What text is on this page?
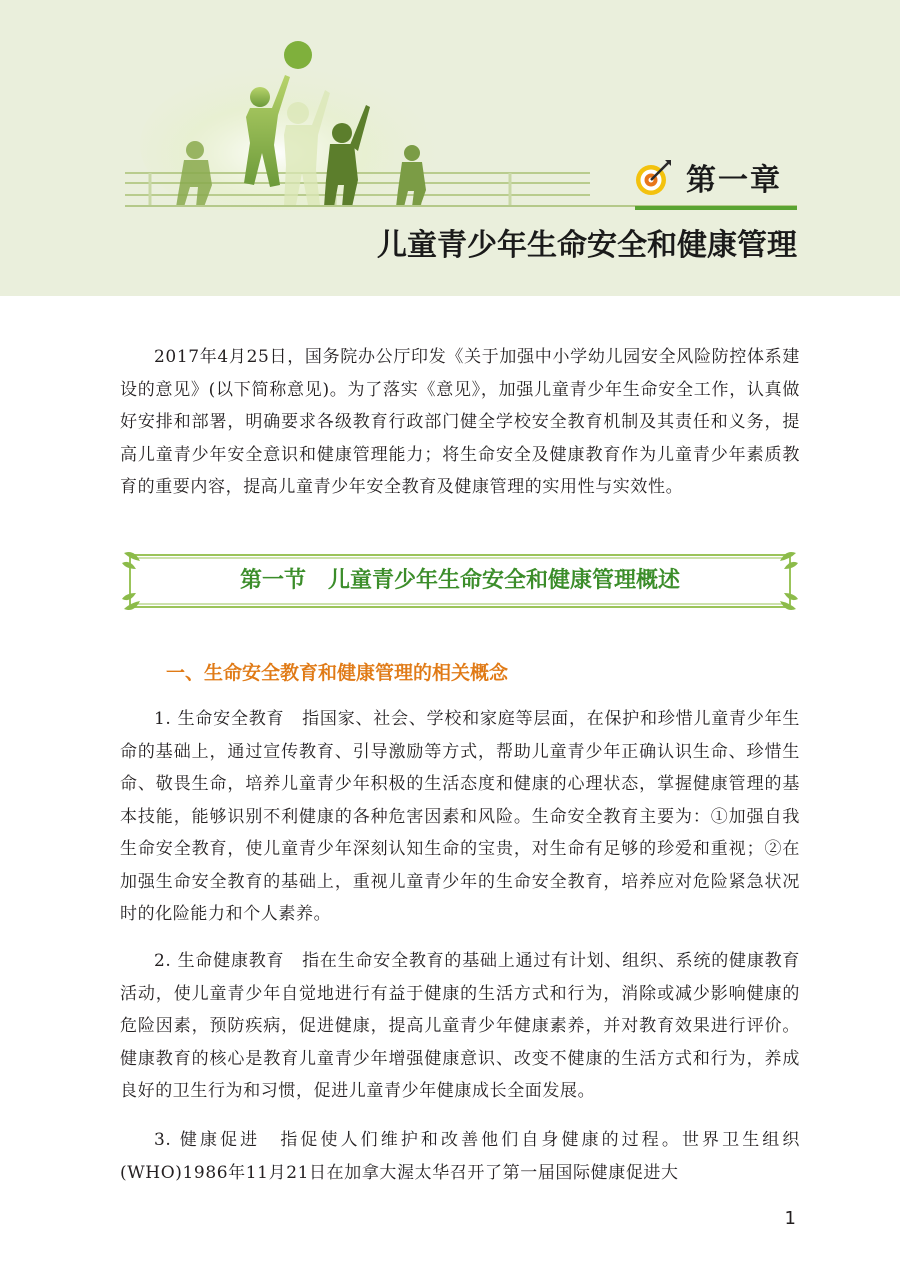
第一章
儿童青少年生命安全和健康管理

2017年4月25日，国务院办公厅印发《关于加强中小学幼儿园安全风险防控体系建设的意见》(以下简称意见)。为了落实《意见》，加强儿童青少年生命安全工作，认真做好安排和部署，明确要求各级教育行政部门健全学校安全教育机制及其责任和义务，提高儿童青少年安全意识和健康管理能力；将生命安全及健康教育作为儿童青少年素质教育的重要内容，提高儿童青少年安全教育及健康管理的实用性与实效性。

第一节　儿童青少年生命安全和健康管理概述
一、生命安全教育和健康管理的相关概念

1. 生命安全教育　指国家、社会、学校和家庭等层面，在保护和珍惜儿童青少年生命的基础上，通过宣传教育、引导激励等方式，帮助儿童青少年正确认识生命、珍惜生命、敬畏生命，培养儿童青少年积极的生活态度和健康的心理状态，掌握健康管理的基本技能，能够识别不利健康的各种危害因素和风险。生命安全教育主要为：①加强自我生命安全教育，使儿童青少年深刻认知生命的宝贵，对生命有足够的珍爱和重视；②在加强生命安全教育的基础上，重视儿童青少年的生命安全教育，培养应对危险紧急状况时的化险能力和个人素养。

2. 生命健康教育　指在生命安全教育的基础上通过有计划、组织、系统的健康教育活动，使儿童青少年自觉地进行有益于健康的生活方式和行为，消除或减少影响健康的危险因素，预防疾病，促进健康，提高儿童青少年健康素养，并对教育效果进行评价。健康教育的核心是教育儿童青少年增强健康意识、改变不健康的生活方式和行为，养成良好的卫生行为和习惯，促进儿童青少年健康成长全面发展。

3. 健康促进　指促使人们维护和改善他们自身健康的过程。世界卫生组织(WHO)1986年11月21日在加拿大渥太华召开了第一届国际健康促进大

1
